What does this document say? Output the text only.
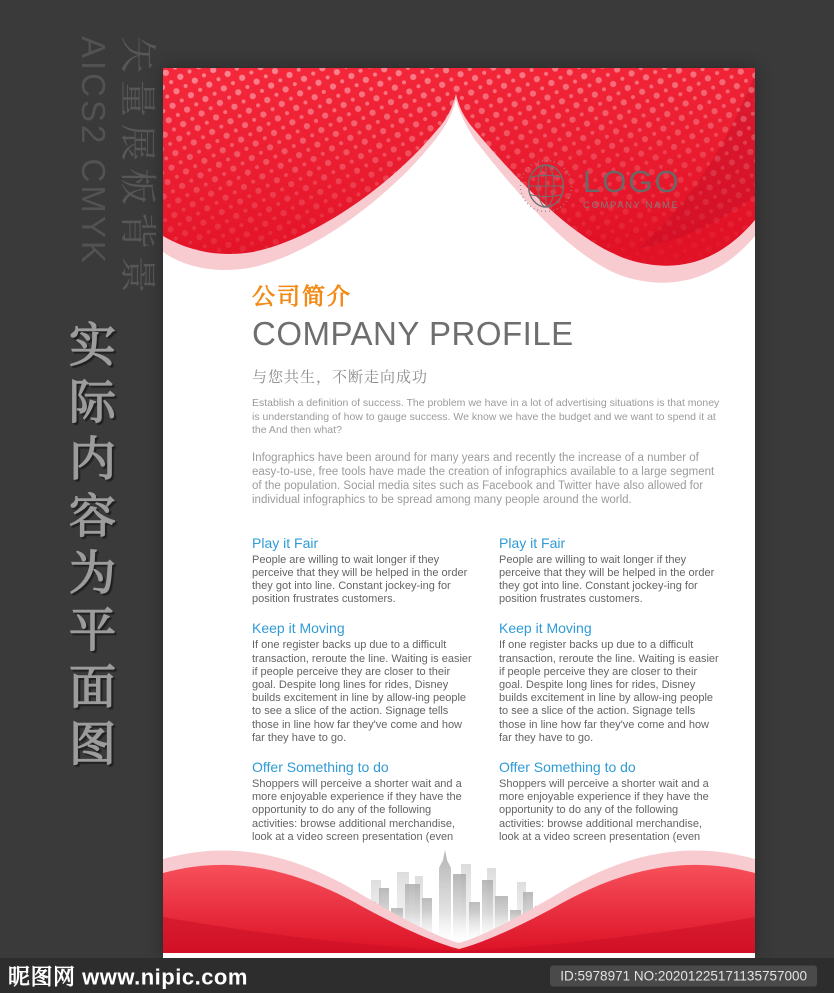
矢量展板背景
AICS2 CMYK
实际内容为平面图
LOGO
COMPANY NAME
公司简介
COMPANY PROFILE
与您共生，不断走向成功
Establish a definition of success. The problem we have in a lot of advertising situations is that money is understanding of how to gauge success. We know we have the budget and we want to spend it at the And then what?
Infographics have been around for many years and recently the increase of a number of easy-to-use, free tools have made the creation of infographics available to a large segment of the population. Social media sites such as Facebook and Twitter have also allowed for individual infographics to be spread among many people around the world.
Play it Fair
People are willing to wait longer if they perceive that they will be helped in the order they got into line. Constant jockey-ing for position frustrates customers.
Keep it Moving
If one register backs up due to a difficult transaction, reroute the line. Waiting is easier if people perceive they are closer to their goal. Despite long lines for rides, Disney builds excitement in line by allow-ing people to see a slice of the action. Signage tells those in line how far they've come and how far they have to go.
Offer Something to do
Shoppers will perceive a shorter wait and a more enjoyable experience if they have the opportunity to do any of the following activities: browse additional merchandise, look at a video screen presentation (even
Play it Fair
People are willing to wait longer if they perceive that they will be helped in the order they got into line. Constant jockey-ing for position frustrates customers.
Keep it Moving
If one register backs up due to a difficult transaction, reroute the line. Waiting is easier if people perceive they are closer to their goal. Despite long lines for rides, Disney builds excitement in line by allow-ing people to see a slice of the action. Signage tells those in line how far they've come and how far they have to go.
Offer Something to do
Shoppers will perceive a shorter wait and a more enjoyable experience if they have the opportunity to do any of the following activities: browse additional merchandise, look at a video screen presentation (even
昵图网 www.nipic.com	ID:5978971 NO:20201225171135757000
